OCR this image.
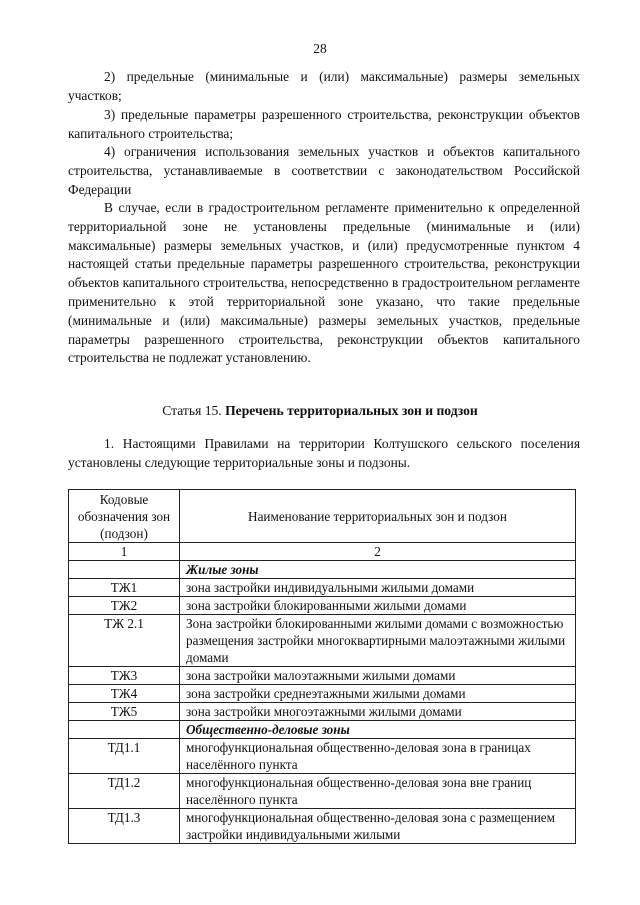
28

2) предельные (минимальные и (или) максимальные) размеры земельных участков;

3) предельные параметры разрешенного строительства, реконструкции объектов капитального строительства;

4) ограничения использования земельных участков и объектов капитального строительства, устанавливаемые в соответствии с законодательством Российской Федерации

В случае, если в градостроительном регламенте применительно к определенной территориальной зоне не установлены предельные (минимальные и (или) максимальные) размеры земельных участков, и (или) предусмотренные пунктом 4 настоящей статьи предельные параметры разрешенного строительства, реконструкции объектов капитального строительства, непосредственно в градостроительном регламенте применительно к этой территориальной зоне указано, что такие предельные (минимальные и (или) максимальные) размеры земельных участков, предельные параметры разрешенного строительства, реконструкции объектов капитального строительства не подлежат установлению.

Статья 15. Перечень территориальных зон и подзон

1. Настоящими Правилами на территории Колтушского сельского поселения установлены следующие территориальные зоны и подзоны.

Кодовые обозначения зон (подзон)	Наименование территориальных зон и подзон
1	2
	Жилые зоны
ТЖ1	зона застройки индивидуальными жилыми домами
ТЖ2	зона застройки блокированными жилыми домами
ТЖ 2.1	Зона застройки блокированными жилыми домами с возможностью размещения застройки многоквартирными малоэтажными жилыми домами
ТЖ3	зона застройки малоэтажными жилыми домами
ТЖ4	зона застройки среднеэтажными жилыми домами
ТЖ5	зона застройки многоэтажными жилыми домами
	Общественно-деловые зоны
ТД1.1	многофункциональная общественно-деловая зона в границах населённого пункта
ТД1.2	многофункциональная общественно-деловая зона вне границ населённого пункта
ТД1.3	многофункциональная общественно-деловая зона с размещением застройки индивидуальными жилыми
